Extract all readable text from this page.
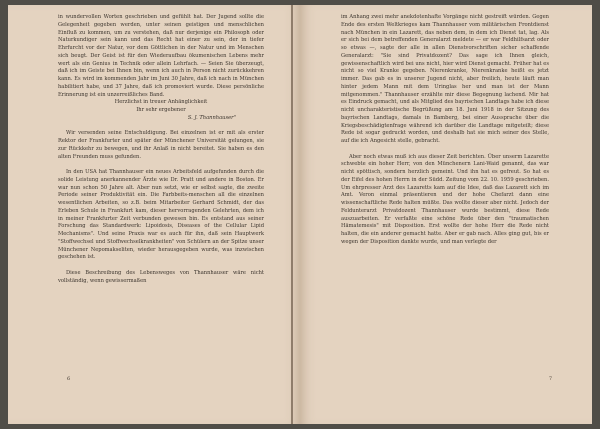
in wundervollen Worten geschrieben und gefühlt hat. Der Jugend sollte die Gelegenheit gegeben werden, unter seinen geistigen und menschlichen Einfluß zu kommen, um zu verstehen, daß nur derjenige ein Philosoph oder Naturkundiger sein kann und das Recht hat einer zu sein, der in tiefer Ehrfurcht vor der Natur, vor dem Göttlichen in der Natur und im Menschen sich beugt. Der Geist ist für den Wiederaufbau ökumenischen Lebens mehr wert als ein Genius in Technik oder allein Lehrfach. — Seien Sie überzeugt, daß ich im Geiste bei Ihnen bin, wenn ich auch in Person nicht zurückkehren kann. Es wird im kommenden Jahr im Juni 30 Jahre, daß ich nach in München habilitiert habe, und 37 Jahre, daß ich promoviert wurde. Diese persönliche Erinnerung ist ein unzerreißliches Band.

Herzlichst in treuer Anhänglichkeit

Ihr sehr ergebener

S. J. Thannhauser"

Wir versenden seine Entschuldigung. Bei einzelnen ist er mit als erster Rektor der Frankfurter und später der Münchener Universität gelungen, sie zur Rückkehr zu bewegen, und ihr Anlaß in nicht bereitet. Sie haben es den alten Freunden muss gefunden.

In den USA hat Thannhauser ein neues Arbeitsfeld aufgefunden durch die solide Leistung anerkannender Ärzte wie Dr. Pratt und andere in Boston. Er war nun schon 50 Jahre alt. Aber nun setzt, wie er selbst sagte, die zweite Periode seiner Produktivität ein. Die Farbbeits-menschen all die einzelnen wesentlichen Arbeiten, so z.B. beim Mitarbeiter Gerhard Schmidt, der das Erleben Schule in Frankfurt kam, dieser hervorragenden Gelehrten, dem ich in meiner Frankfurter Zeit verbunden gewesen bin. Es entstand aus seiner Forschung das Standardwerk: Lipoidosis, Diseases of the Cellular Lipid Mechanisms". Und seine Praxis war es auch für ihn, daß sein Hauptwerk "Stoffwechsel und Stoffwechselkrankheiten" von Schülern an der Spitze unser Münchener Nepomakseliten, wieder herausgegeben wurde, was inzwischen geschehen ist.

Diese Beschreibung des Lebensweges von Thannhauser wäre nicht vollständig, wenn gewissermaßen

6

im Anhang zwei mehr anekdotenhafte Vorgänge nicht gestreift würden. Gegen Ende des ersten Weltkrieges kam Thannhauser vom militärischen Frontdienst nach München in ein Lazarett, das neben dem, in dem ich Dienst tat, lag. Als er sich bei dem betreffenden Generalarzt meldete — er war Feldhilfsarzt oder so etwas —, sagte der alle in allen Dienstvorschriften sicher schaffende Generalarzt: "Sie sind Privatdozent? Das sage ich Ihnen gleich, gewissenschaftlich wird bei uns nicht, hier wird Dienst gemacht. Früher hat es nicht so viel Kranke gegeben. Nierenkranke, Nierenkranke heißt es jetzt immer. Das gab es in unserer Jugend nicht, aber freilich, heute läuft man hinter jedem Mann mit dem Uringlas her und man ist der Mann mitgenommen." Thannhauser erzählte mir diese Begegnung lachend. Mir hat es Eindruck gemacht, und als Mitglied des bayrischen Landtags habe ich diese nicht uncharakteristische Begrüßung am 18. Juni 1918 in der Sitzung des bayrischen Landtags, damals in Bamberg, bei einer Aussprache über die Kriegsbeschädigtenfrage während ich darüber die Landtage mitgeteilt; diese Rede ist sogar gedruckt worden, und deshalb hat sie mich seiner des Stelle, auf die ich Angesicht stelle, gebracht.

Aber noch etwas muß ich aus dieser Zeit berichten. Über unserm Lazarette schwebte ein hoher Herr, von den Münchenern Lani-Waid genannt, das war nicht spöttisch, sondern herzlich gemeint. Und ihn hat es gefreut. So hat es der Eifel des hohen Herrn in der Südd. Zeitung vom 22. 10. 1959 geschrieben. Um ehrpresser Arzt des Lazaretts kam auf die Idee, daß das Lazarett sich im Amt. Veron einmal präsentieren und der hohe Chefarzt dann eine wissenschaftliche Rede halten müßte. Das wollte dieser aber nicht. Jedoch der Feldunterarzt Privatdozent Thannhauser wurde bestimmt, diese Rede auszuarbeiten. Er verfaßte eine schöne Rede über den "traumatischen Hämatemesis" mit Disposition. Erst wollte der hohe Herr die Rede nicht halten, die ein anderer gemacht hatte. Aber er gab nach. Alles ging gut, bis er wegen der Disposition dankte wurde, und man verlegte der

7
